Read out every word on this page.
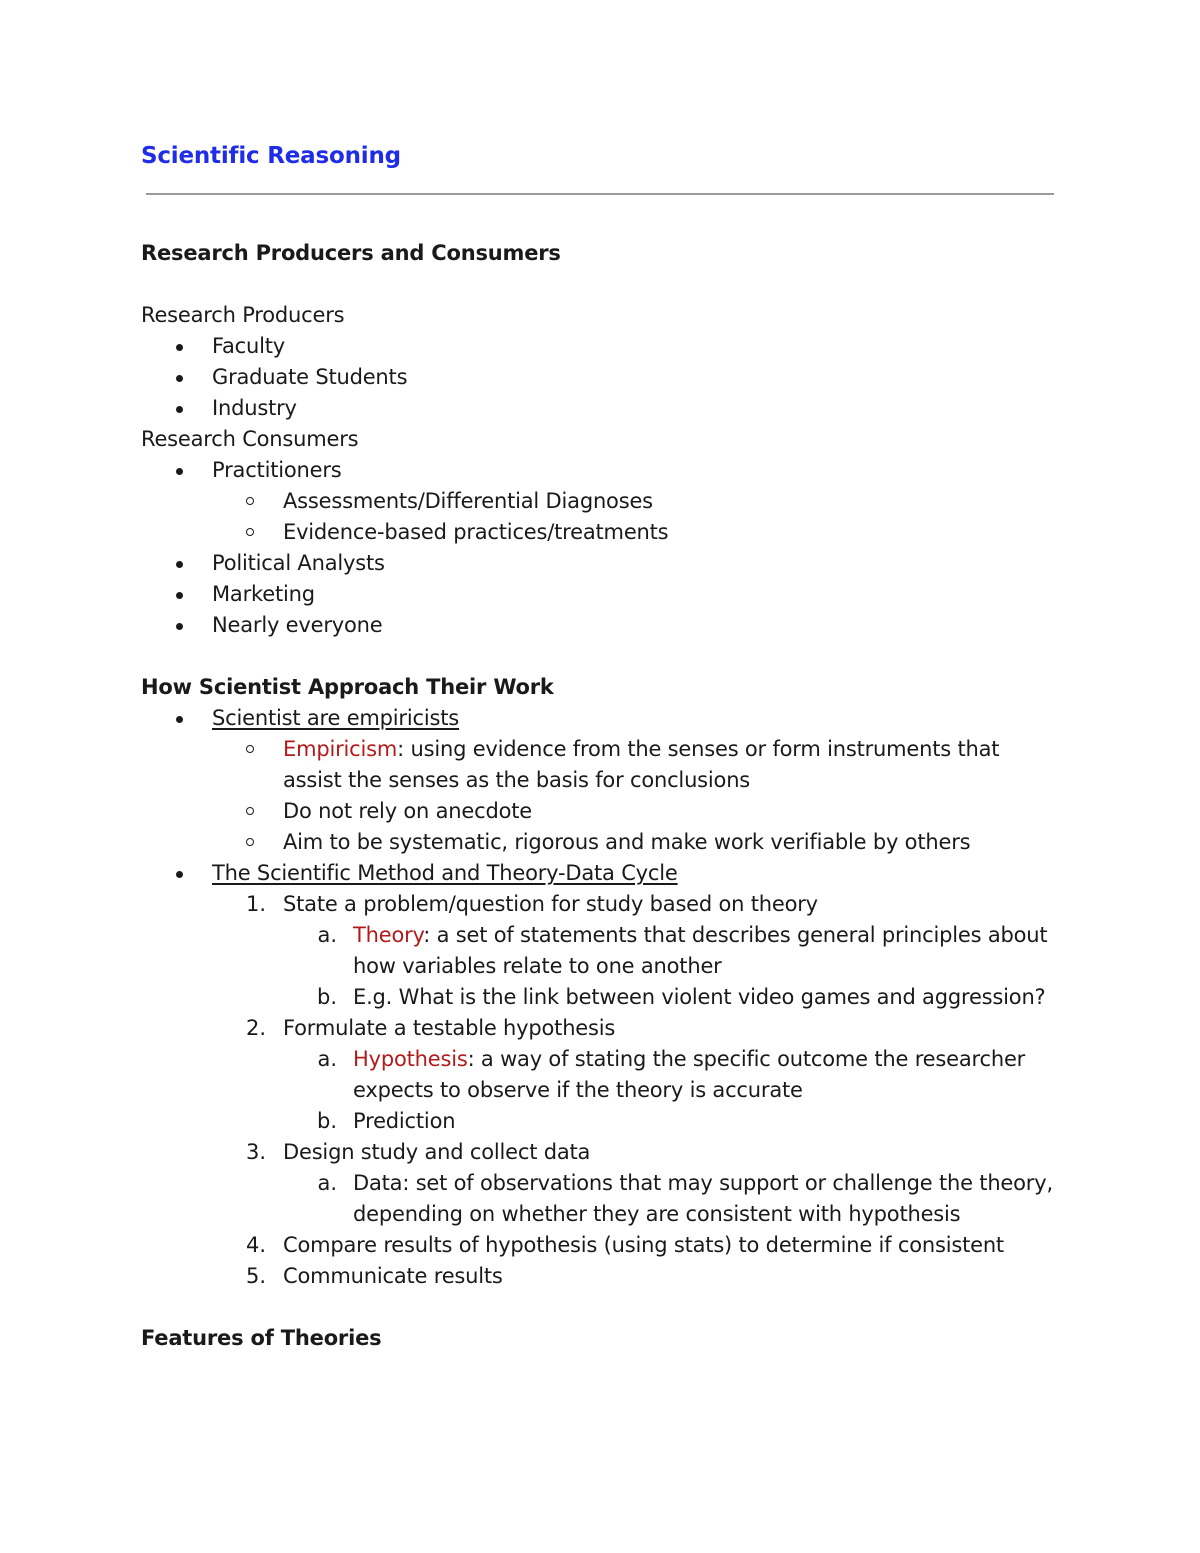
Scientific Reasoning
Research Producers and Consumers
Research Producers
Faculty
Graduate Students
Industry
Research Consumers
Practitioners
Assessments/Differential Diagnoses
Evidence-based practices/treatments
Political Analysts
Marketing
Nearly everyone
How Scientist Approach Their Work
Scientist are empiricists
Empiricism: using evidence from the senses or form instruments that
assist the senses as the basis for conclusions
Do not rely on anecdote
Aim to be systematic, rigorous and make work verifiable by others
The Scientific Method and Theory-Data Cycle
1. State a problem/question for study based on theory
a. Theory: a set of statements that describes general principles about
how variables relate to one another
b. E.g. What is the link between violent video games and aggression?
2. Formulate a testable hypothesis
a. Hypothesis: a way of stating the specific outcome the researcher
expects to observe if the theory is accurate
b. Prediction
3. Design study and collect data
a. Data: set of observations that may support or challenge the theory,
depending on whether they are consistent with hypothesis
4. Compare results of hypothesis (using stats) to determine if consistent
5. Communicate results
Features of Theories
